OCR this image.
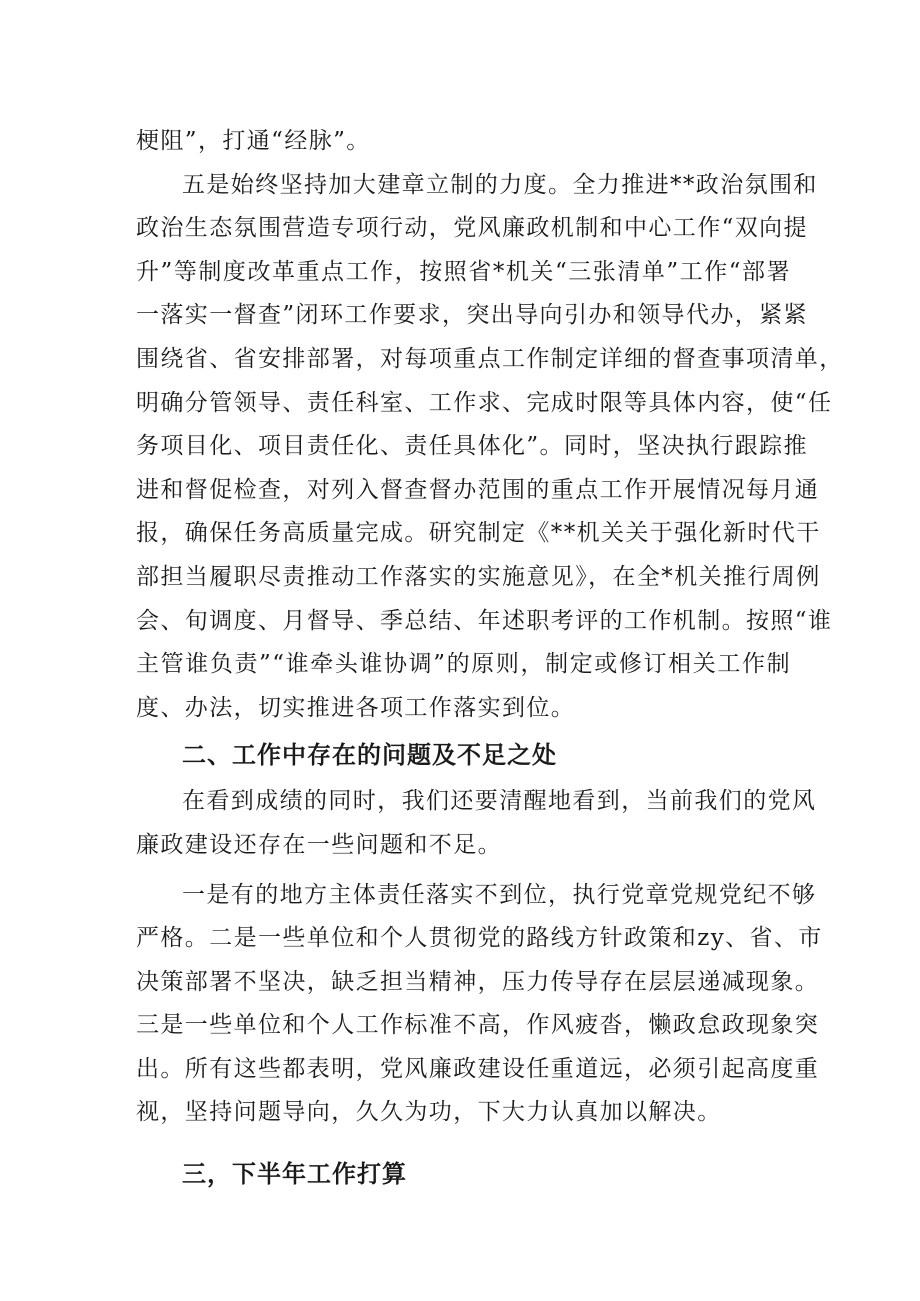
梗阻”，打通“经脉”。
五是始终坚持加大建章立制的力度。全力推进**政治氛围和
政治生态氛围营造专项行动，党风廉政机制和中心工作“双向提
升”等制度改革重点工作，按照省*机关“三张清单”工作“部署
一落实一督查”闭环工作要求，突出导向引办和领导代办，紧紧
围绕省、省安排部署，对每项重点工作制定详细的督查事项清单，
明确分管领导、责任科室、工作求、完成时限等具体内容，使“任
务项目化、项目责任化、责任具体化”。同时，坚决执行跟踪推
进和督促检查，对列入督查督办范围的重点工作开展情况每月通
报，确保任务高质量完成。研究制定《**机关关于强化新时代干
部担当履职尽责推动工作落实的实施意见》，在全*机关推行周例
会、旬调度、月督导、季总结、年述职考评的工作机制。按照“谁
主管谁负责”“谁牵头谁协调”的原则，制定或修订相关工作制
度、办法，切实推进各项工作落实到位。
二、工作中存在的问题及不足之处
在看到成绩的同时，我们还要清醒地看到，当前我们的党风
廉政建设还存在一些问题和不足。
一是有的地方主体责任落实不到位，执行党章党规党纪不够
严格。二是一些单位和个人贯彻党的路线方针政策和zy、省、市
决策部署不坚决，缺乏担当精神，压力传导存在层层递减现象。
三是一些单位和个人工作标准不高，作风疲沓，懒政怠政现象突
出。所有这些都表明，党风廉政建设任重道远，必须引起高度重
视，坚持问题导向，久久为功，下大力认真加以解决。
三，下半年工作打算
